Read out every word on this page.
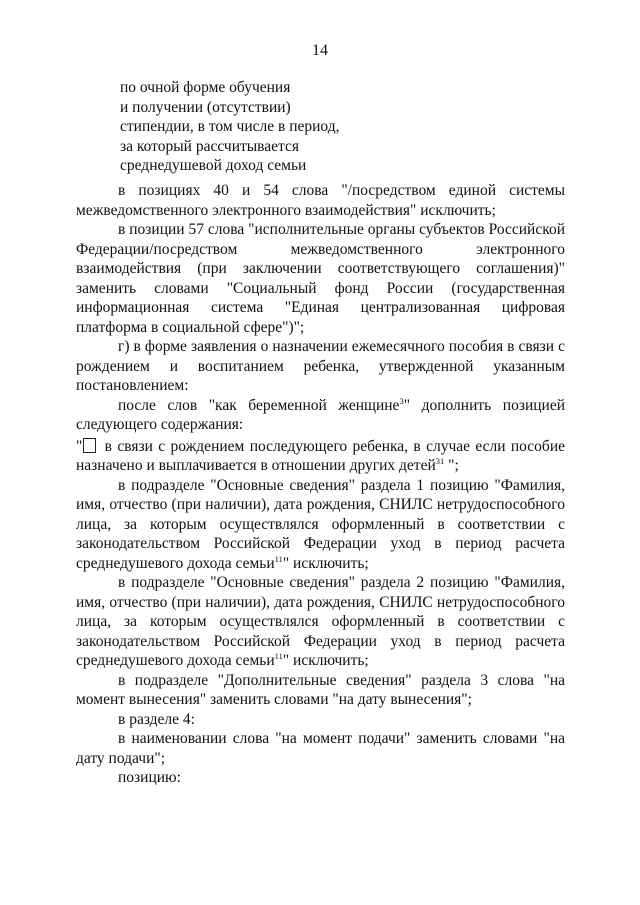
14
по очной форме обучения
и получении (отсутствии)
стипендии, в том числе в период,
за который рассчитывается
среднедушевой доход семьи
в позициях 40 и 54 слова "/посредством единой системы межведомственного электронного взаимодействия" исключить;
в позиции 57 слова "исполнительные органы субъектов Российской Федерации/посредством межведомственного электронного взаимодействия (при заключении соответствующего соглашения)" заменить словами "Социальный фонд России (государственная информационная система "Единая централизованная цифровая платформа в социальной сфере")";
г) в форме заявления о назначении ежемесячного пособия в связи с рождением и воспитанием ребенка, утвержденной указанным постановлением:
после слов "как беременной женщине$^3$" дополнить позицией следующего содержания:
" в связи с рождением последующего ребенка, в случае если пособие назначено и выплачивается в отношении других детей$^{31}$ ";
в подразделе "Основные сведения" раздела 1 позицию "Фамилия, имя, отчество (при наличии), дата рождения, СНИЛС нетрудоспособного лица, за которым осуществлялся оформленный в соответствии с законодательством Российской Федерации уход в период расчета среднедушевого дохода семьи$^{11}$" исключить;
в подразделе "Основные сведения" раздела 2 позицию "Фамилия, имя, отчество (при наличии), дата рождения, СНИЛС нетрудоспособного лица, за которым осуществлялся оформленный в соответствии с законодательством Российской Федерации уход в период расчета среднедушевого дохода семьи$^{11}$" исключить;
в подразделе "Дополнительные сведения" раздела 3 слова "на момент вынесения" заменить словами "на дату вынесения";
в разделе 4:
в наименовании слова "на момент подачи" заменить словами "на дату подачи";
позицию:
